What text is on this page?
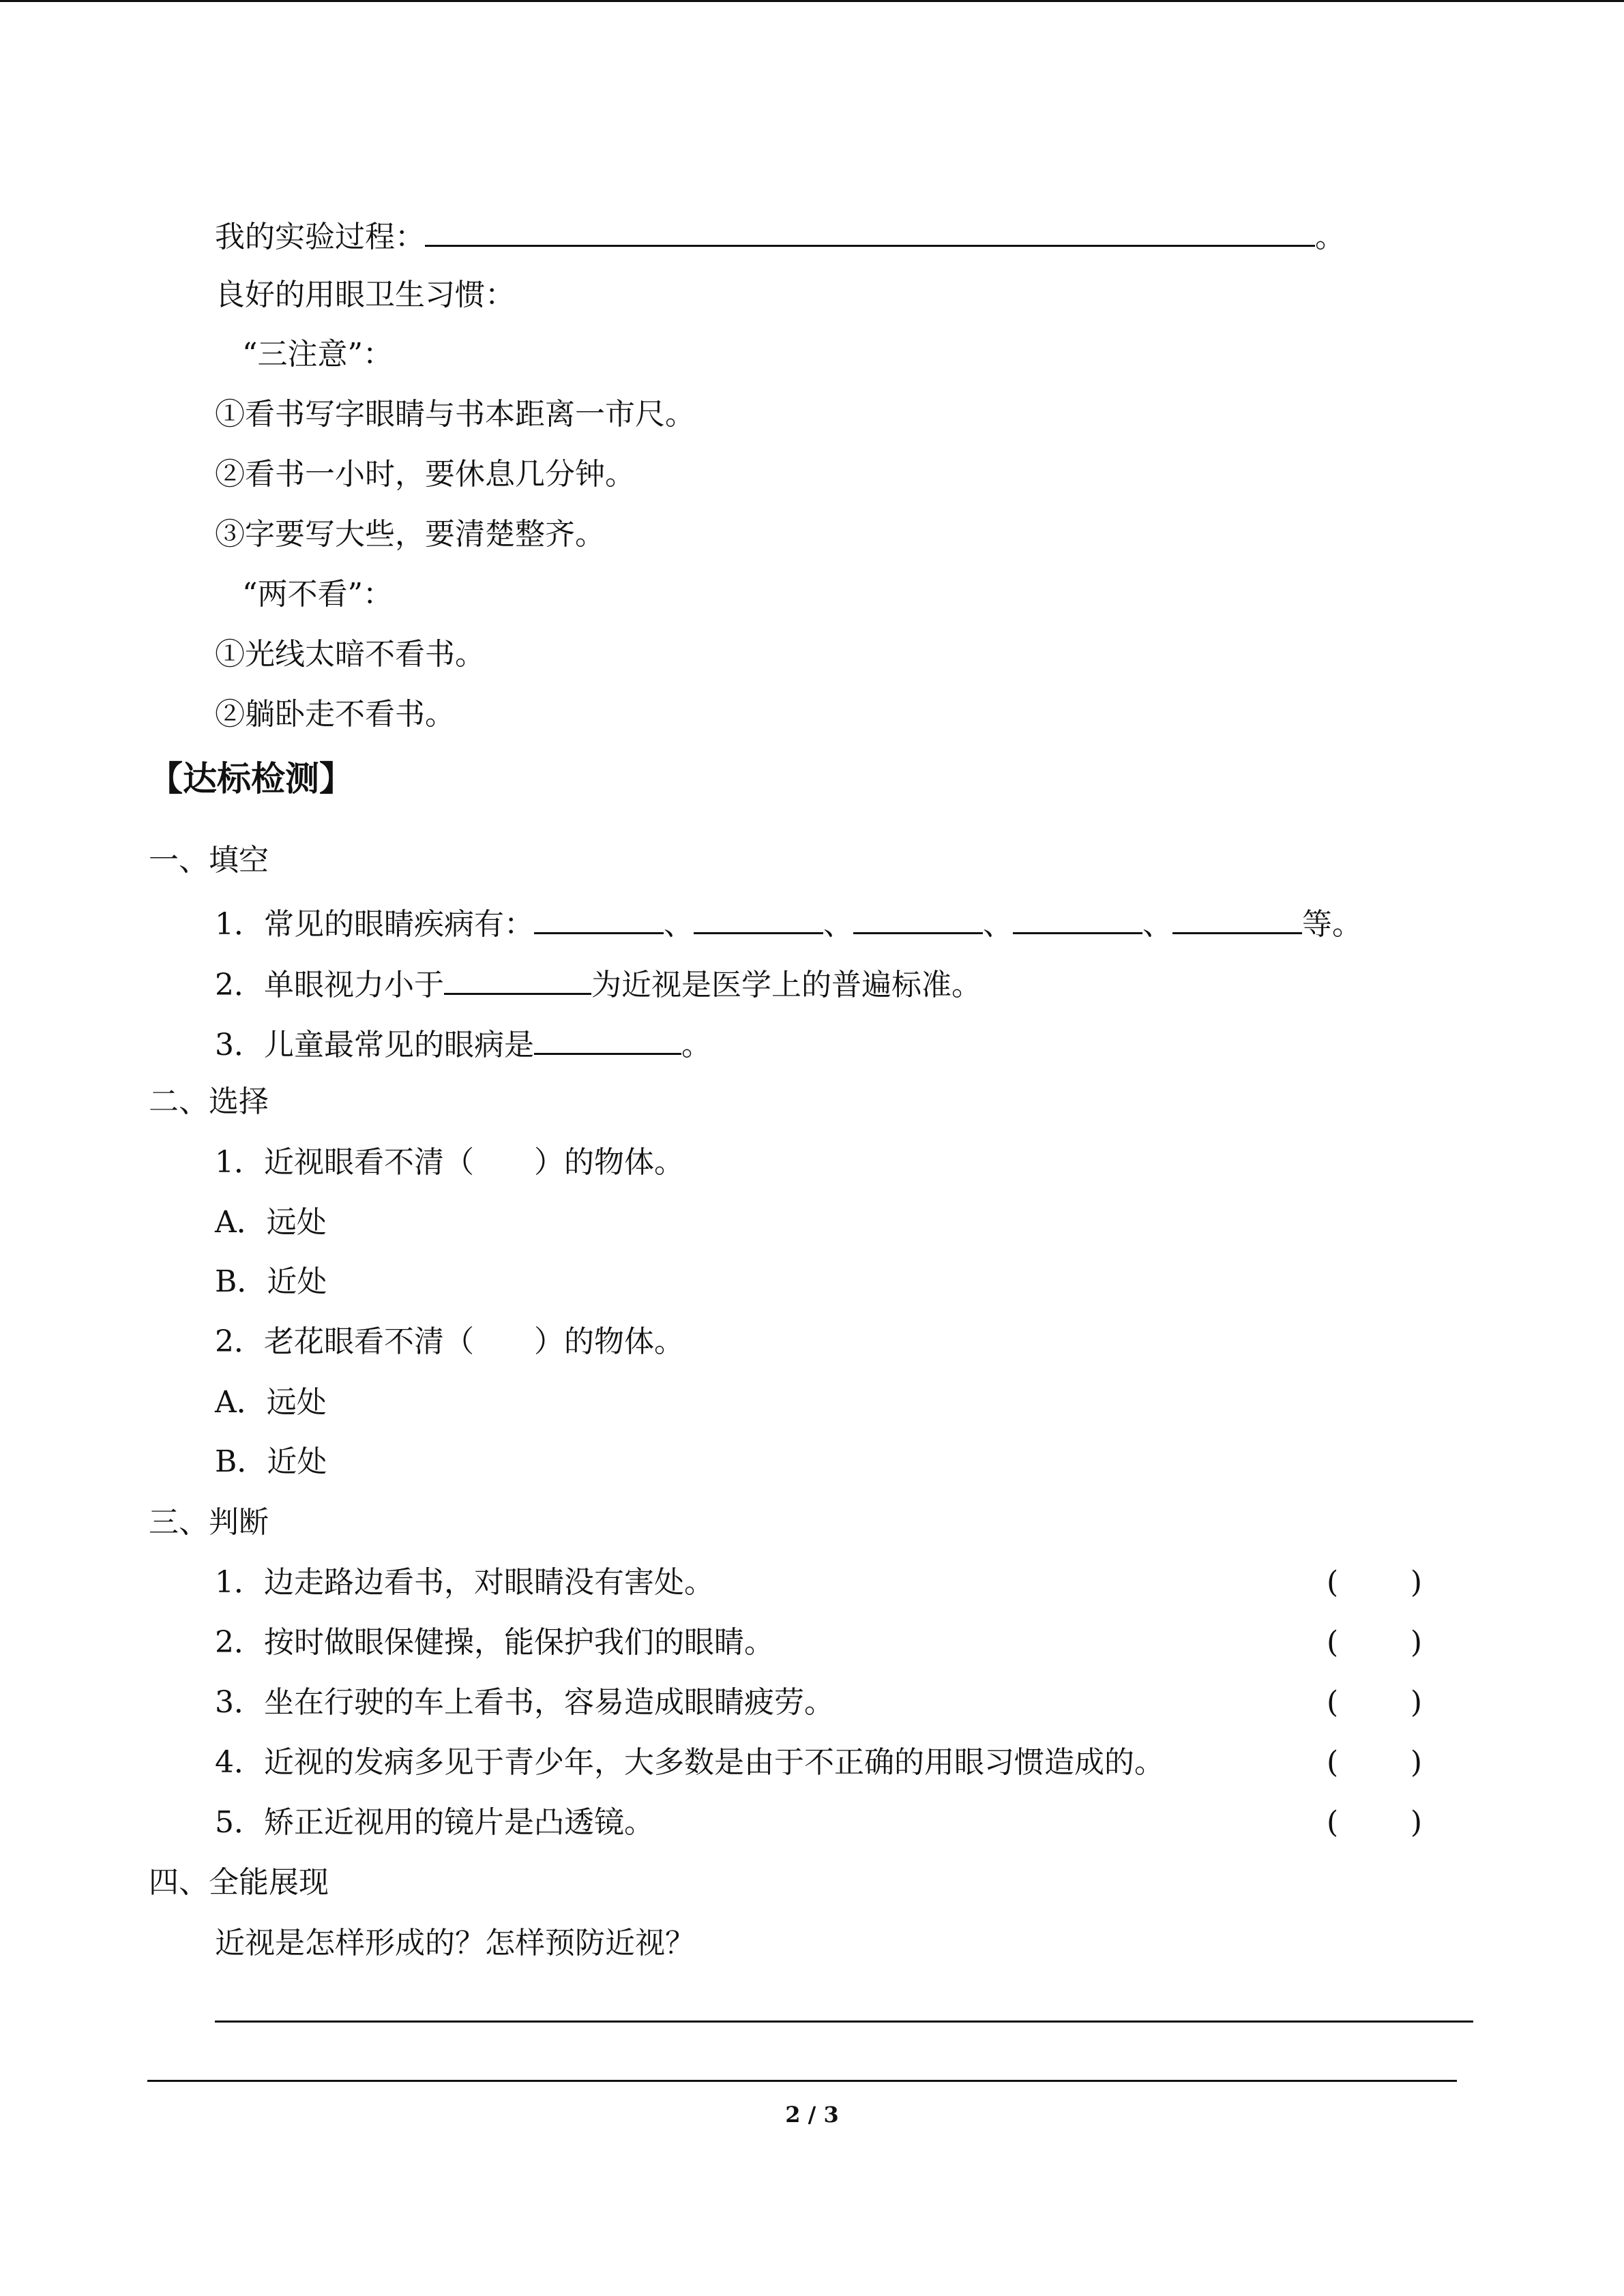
我的实验过程：	。
良好的用眼卫生习惯：
“三注意”：
①看书写字眼睛与书本距离一市尺。
②看书一小时，要休息几分钟。
③字要写大些，要清楚整齐。
“两不看”：
①光线太暗不看书。
②躺卧走不看书。
【达标检测】
一、填空
1．常见的眼睛疾病有：	、	、	、	、	等。
2．单眼视力小于	为近视是医学上的普遍标准。
3．儿童最常见的眼病是	。
二、选择
1．近视眼看不清（　　）的物体。
A．远处
B．近处
2．老花眼看不清（　　）的物体。
A．远处
B．近处
三、判断
1．边走路边看书，对眼睛没有害处。	( )
2．按时做眼保健操，能保护我们的眼睛。	( )
3．坐在行驶的车上看书，容易造成眼睛疲劳。	( )
4．近视的发病多见于青少年，大多数是由于不正确的用眼习惯造成的。	( )
5．矫正近视用的镜片是凸透镜。	( )
四、全能展现
近视是怎样形成的？怎样预防近视？
2 / 3
